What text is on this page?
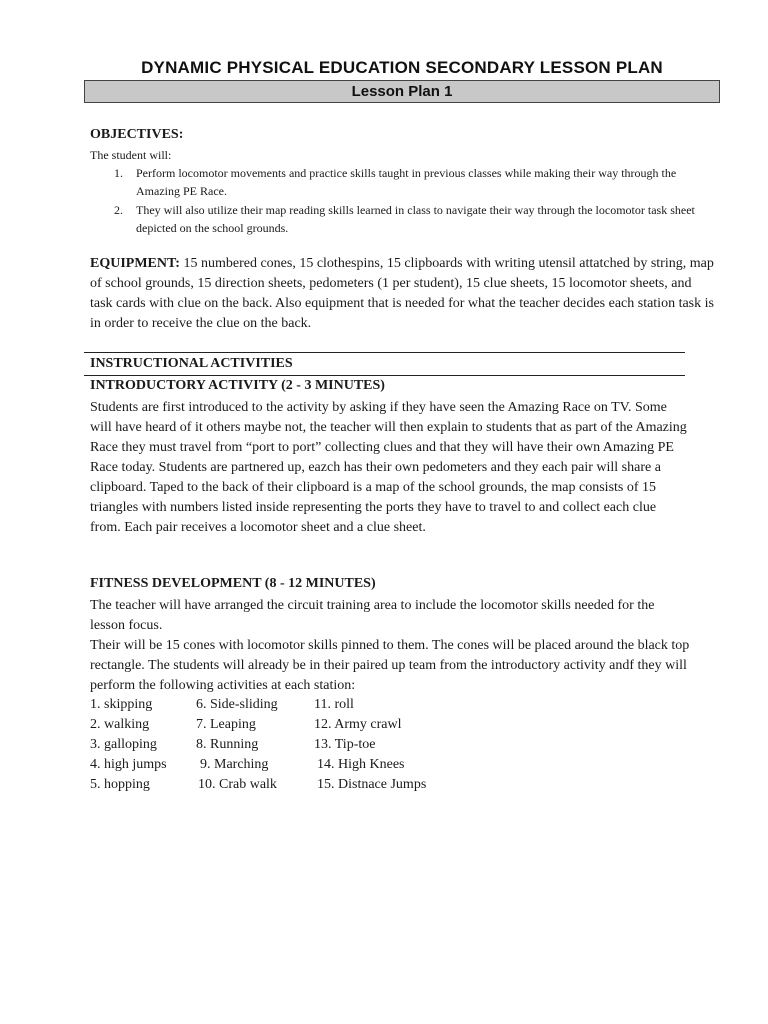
DYNAMIC PHYSICAL EDUCATION SECONDARY LESSON PLAN
Lesson Plan 1
OBJECTIVES:
The student will:
1. Perform locomotor movements and practice skills taught in previous classes while making their way through the Amazing PE Race.
2. They will also utilize their map reading skills learned in class to navigate their way through the locomotor task sheet depicted on the school grounds.
EQUIPMENT: 15 numbered cones, 15 clothespins, 15 clipboards with writing utensil attatched by string, map of school grounds, 15 direction sheets, pedometers (1 per student), 15 clue sheets, 15 locomotor sheets, and task cards with clue on the back. Also equipment that is needed for what the teacher decides each station task is in order to receive the clue on the back.
INSTRUCTIONAL ACTIVITIES
INTRODUCTORY ACTIVITY (2 - 3 MINUTES)

Students are first introduced to the activity by asking if they have seen the Amazing Race on TV. Some will have heard of it others maybe not, the teacher will then explain to students that as part of the Amazing Race they must travel from “port to port” collecting clues and that they will have their own Amazing PE Race today. Students are partnered up, eazch has their own pedometers and they each pair will share a clipboard. Taped to the back of their clipboard is a map of the school grounds, the map consists of 15 triangles with numbers listed inside representing the ports they have to travel to and collect each clue from. Each pair receives a locomotor sheet and a clue sheet.

FITNESS DEVELOPMENT (8 - 12 MINUTES)

The teacher will have arranged the circuit training area to include the locomotor skills needed for the lesson focus.

Their will be 15 cones with locomotor skills pinned to them. The cones will be placed around the black top rectangle. The students will already be in their paired up team from the introductory activity andf they will perform the following activities at each station:

1. skipping	6. Side-sliding	11. roll
2. walking	7. Leaping	12. Army crawl
3. galloping	8. Running	13. Tip-toe
4. high jumps 9. Marching	14. High Knees
5. hopping	10. Crab walk	15. Distnace Jumps
